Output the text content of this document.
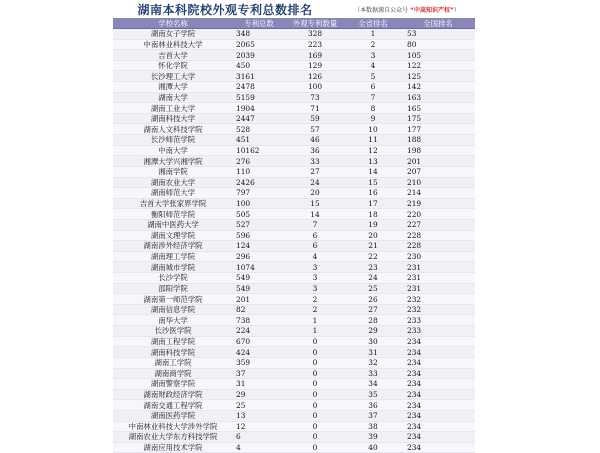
湖南本科院校外观专利总数排名	（本数据源自公众号 “中高知识产权”）
学校名称	专利总数	外观专利数量	全省排名	全国排名
湖南女子学院	348	328	1	53
中南林业科技大学	2065	223	2	80
吉首大学	2039	169	3	105
怀化学院	450	129	4	122
长沙理工大学	3161	126	5	125
湘潭大学	2478	100	6	142
湖南大学	5159	73	7	163
湖南工业大学	1904	71	8	165
湖南科技大学	2447	59	9	175
湖南人文科技学院	528	57	10	177
长沙师范学院	451	46	11	188
中南大学	10162	36	12	198
湘潭大学兴湘学院	276	33	13	201
湘南学院	110	27	14	207
湖南农业大学	2426	24	15	210
湖南师范大学	797	20	16	214
吉首大学张家界学院	100	15	17	219
衡阳师范学院	505	14	18	220
湖南中医药大学	527	7	19	227
湖南文理学院	596	6	20	228
湖南涉外经济学院	124	6	21	228
湖南理工学院	296	4	22	230
湖南城市学院	1074	3	23	231
长沙学院	549	3	24	231
邵阳学院	549	3	25	231
湖南第一师范学院	201	2	26	232
湖南信息学院	82	2	27	232
南华大学	738	1	28	233
长沙医学院	224	1	29	233
湖南工程学院	670	0	30	234
湖南科技学院	424	0	31	234
湖南工学院	359	0	32	234
湖南商学院	37	0	33	234
湖南警察学院	31	0	34	234
湖南财政经济学院	29	0	35	234
湖南交通工程学院	25	0	36	234
湖南医药学院	13	0	37	234
中南林业科技大学涉外学院	12	0	38	234
湖南农业大学东方科技学院	6	0	39	234
湖南应用技术学院	4	0	40	234
